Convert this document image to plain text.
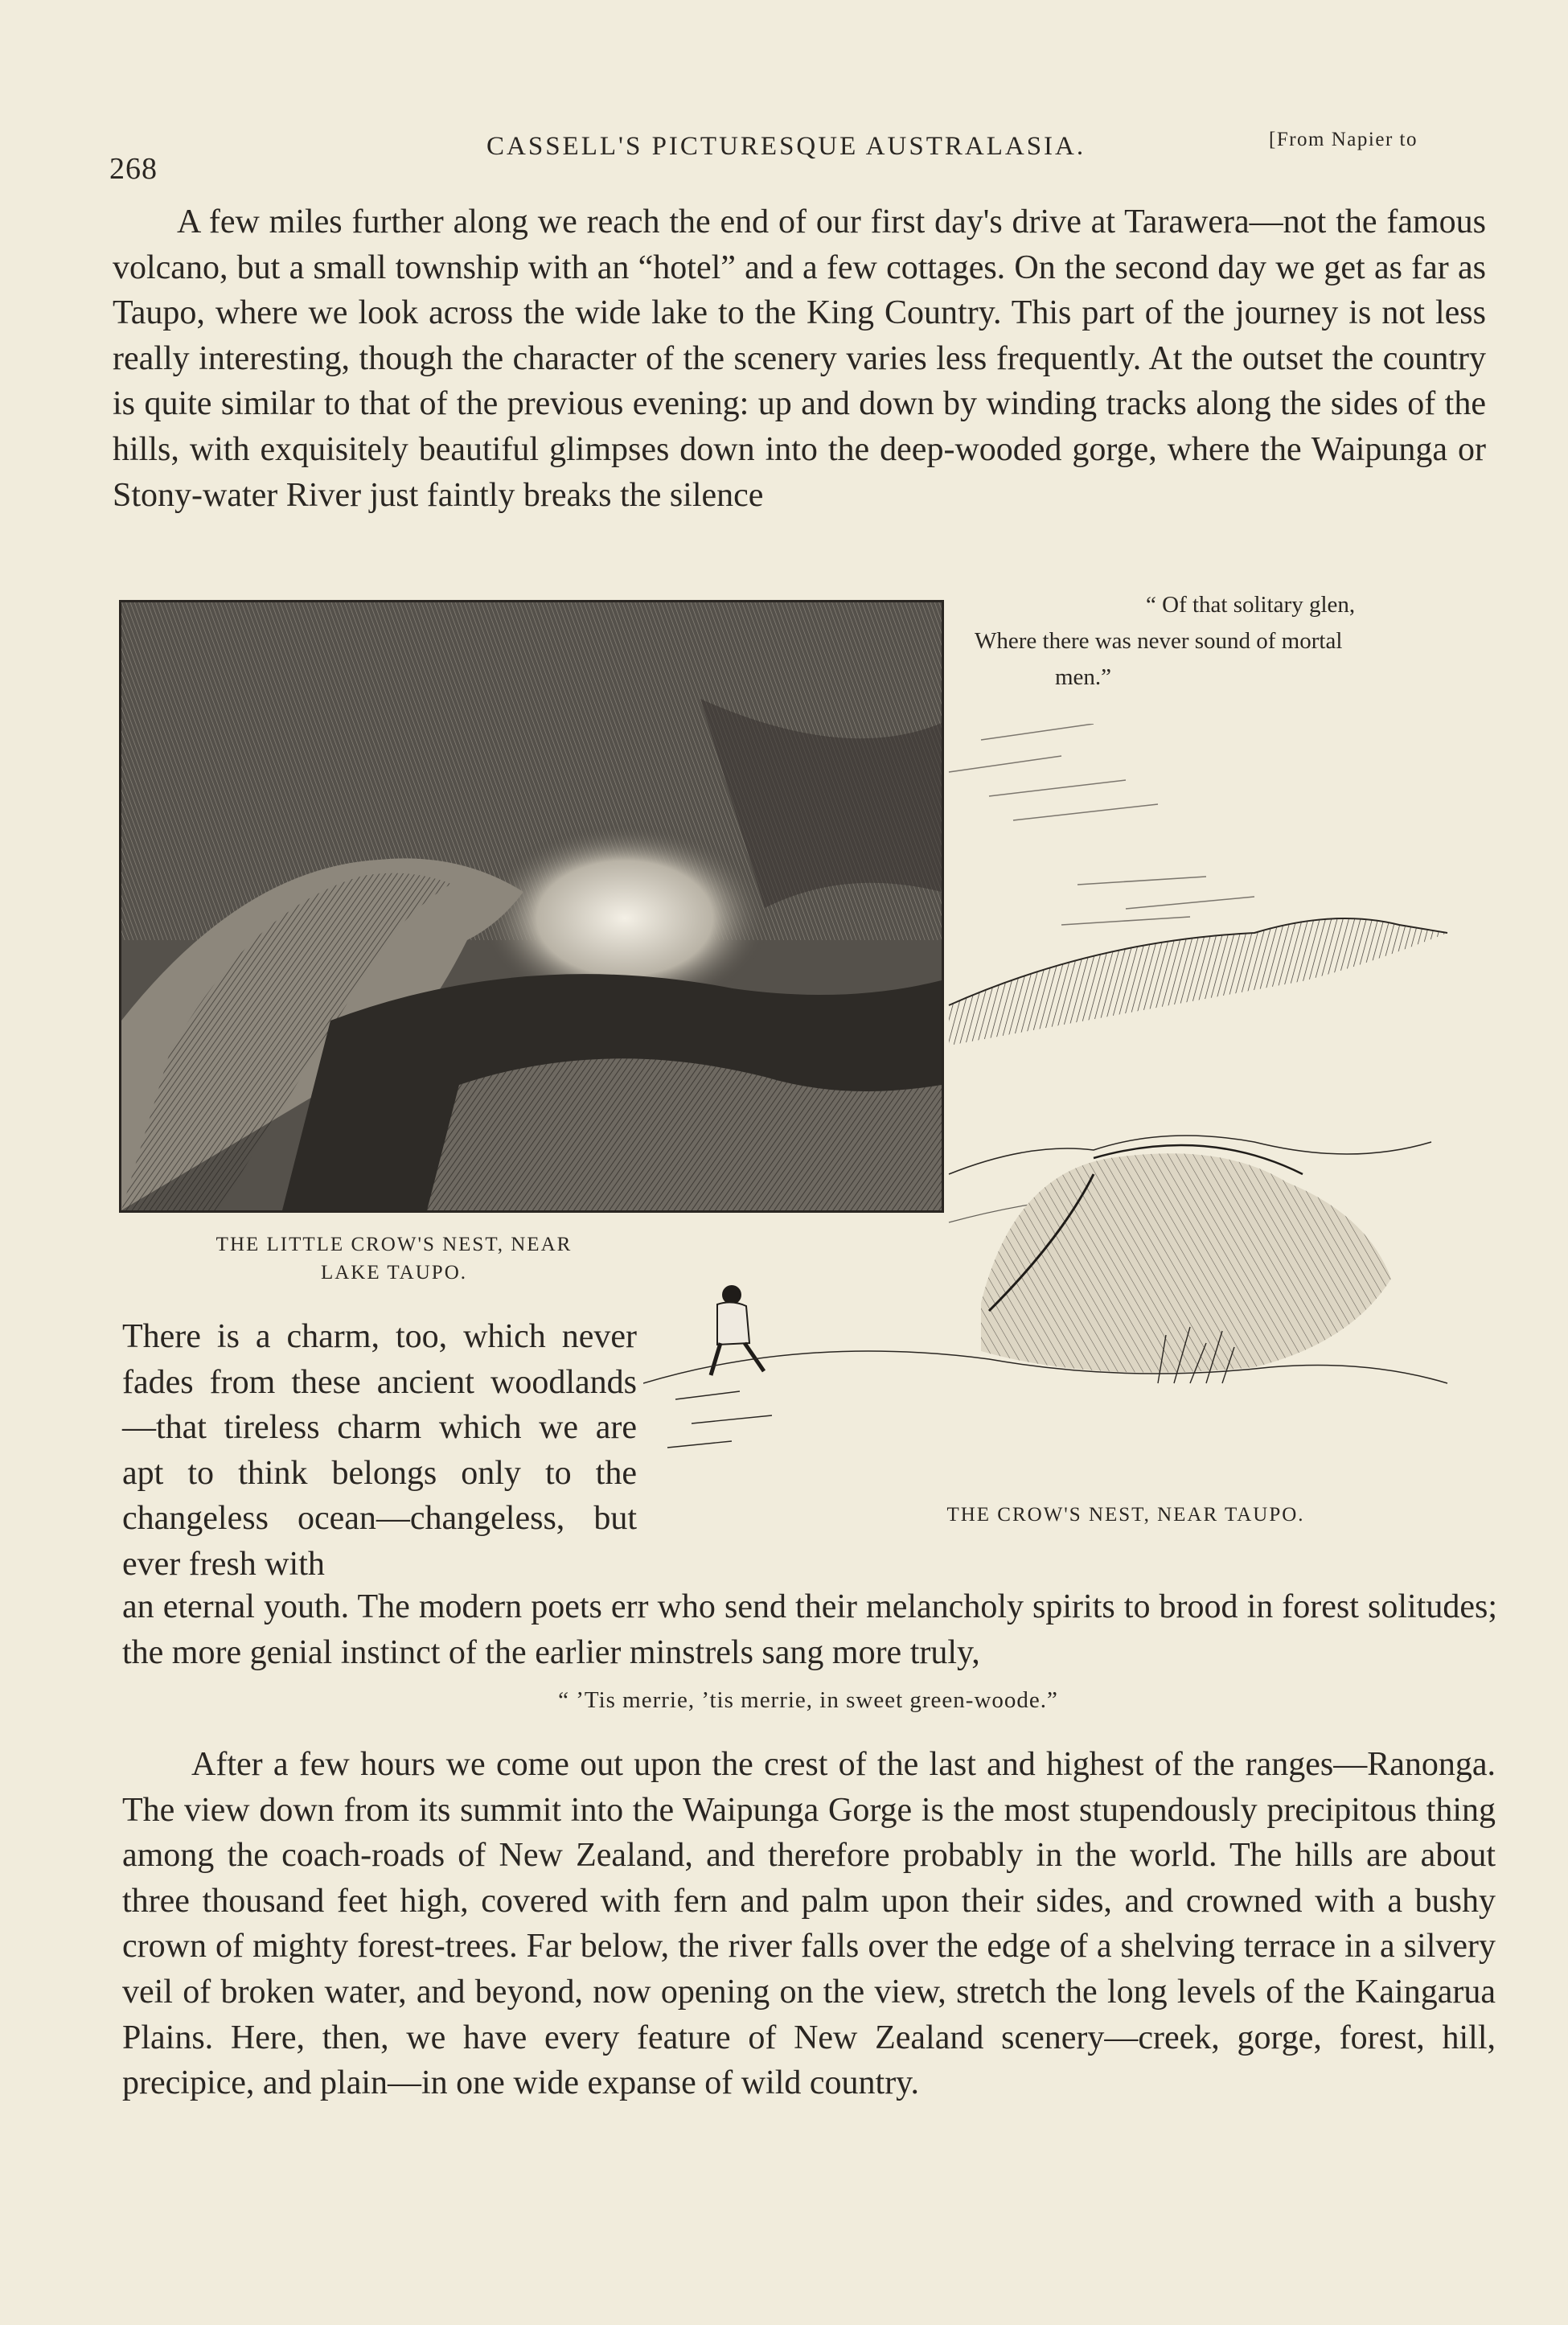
268
CASSELL'S PICTURESQUE AUSTRALASIA.	[From Napier to
A few miles further along we reach the end of our first day's drive at Tarawera—not the famous volcano, but a small township with an “hotel” and a few cottages. On the second day we get as far as Taupo, where we look across the wide lake to the King Country. This part of the journey is not less really interesting, though the character of the scenery varies less frequently. At the outset the country is quite similar to that of the previous evening: up and down by winding tracks along the sides of the hills, with exquisitely beautiful glimpses down into the deep-wooded gorge, where the Waipunga or Stony-water River just faintly breaks the silence
“ Of that solitary glen,
Where there was never sound of mortal
men.”
THE LITTLE CROW'S NEST, NEAR
LAKE TAUPO.
THE CROW'S NEST, NEAR TAUPO.
There is a charm, too, which never fades from these ancient woodlands—that tireless charm which we are apt to think belongs only to the changeless ocean—changeless, but ever fresh with
an eternal youth. The modern poets err who send their melancholy spirits to brood in forest solitudes; the more genial instinct of the earlier minstrels sang more truly,
“ ’Tis merrie, ’tis merrie, in sweet green-woode.”
After a few hours we come out upon the crest of the last and highest of the ranges—Ranonga. The view down from its summit into the Waipunga Gorge is the most stupendously precipitous thing among the coach-roads of New Zealand, and therefore probably in the world. The hills are about three thousand feet high, covered with fern and palm upon their sides, and crowned with a bushy crown of mighty forest-trees. Far below, the river falls over the edge of a shelving terrace in a silvery veil of broken water, and beyond, now opening on the view, stretch the long levels of the Kaingarua Plains. Here, then, we have every feature of New Zealand scenery—creek, gorge, forest, hill, precipice, and plain—in one wide expanse of wild country.
